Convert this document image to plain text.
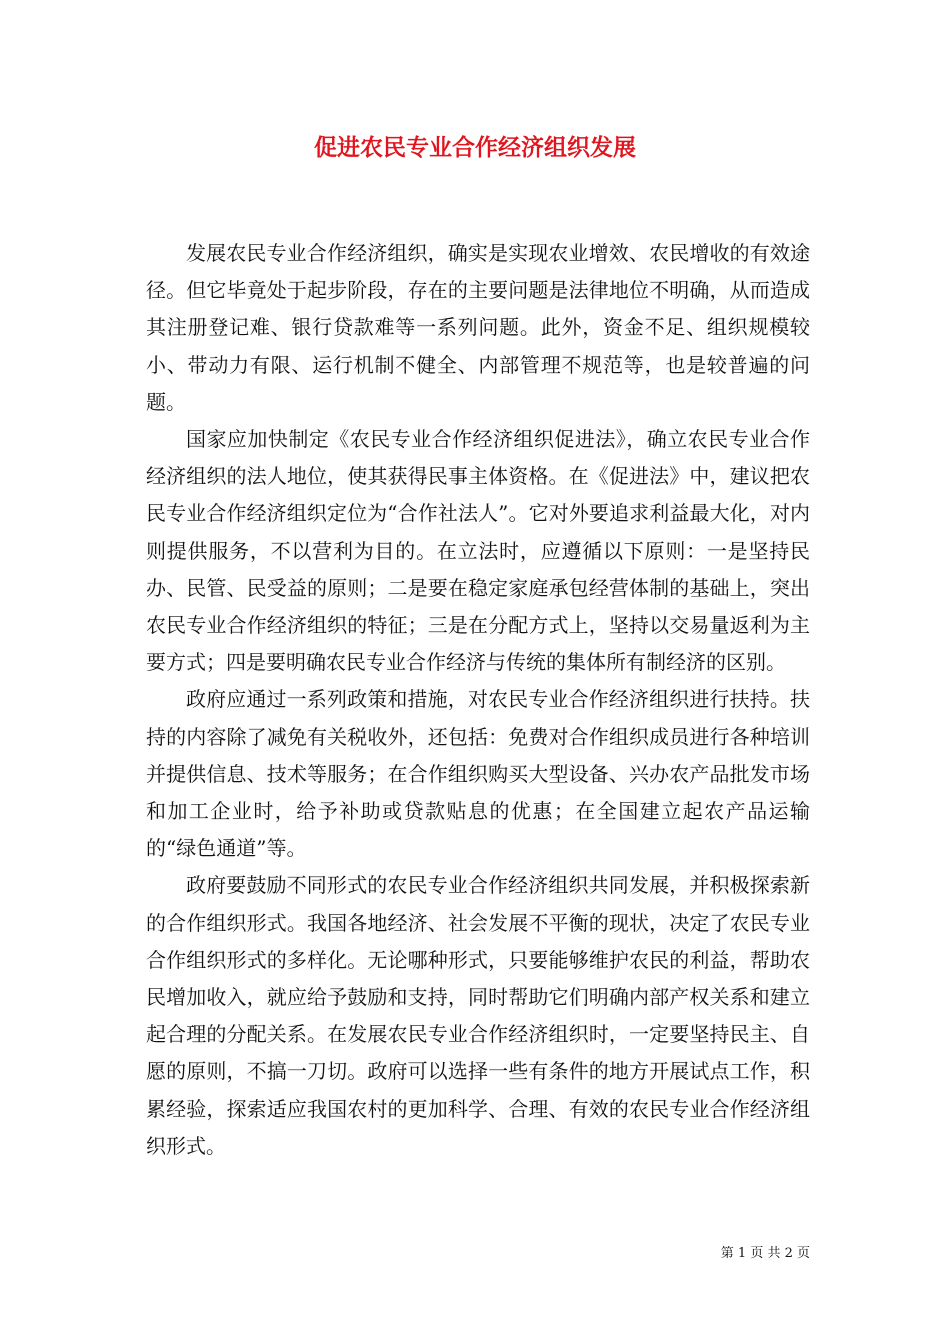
促进农民专业合作经济组织发展

发展农民专业合作经济组织，确实是实现农业增效、农民增收的有效途径。但它毕竟处于起步阶段，存在的主要问题是法律地位不明确，从而造成其注册登记难、银行贷款难等一系列问题。此外，资金不足、组织规模较小、带动力有限、运行机制不健全、内部管理不规范等，也是较普遍的问题。

国家应加快制定《农民专业合作经济组织促进法》，确立农民专业合作经济组织的法人地位，使其获得民事主体资格。在《促进法》中，建议把农民专业合作经济组织定位为“合作社法人”。它对外要追求利益最大化，对内则提供服务，不以营利为目的。在立法时，应遵循以下原则：一是坚持民办、民管、民受益的原则；二是要在稳定家庭承包经营体制的基础上，突出农民专业合作经济组织的特征；三是在分配方式上，坚持以交易量返利为主要方式；四是要明确农民专业合作经济与传统的集体所有制经济的区别。

政府应通过一系列政策和措施，对农民专业合作经济组织进行扶持。扶持的内容除了减免有关税收外，还包括：免费对合作组织成员进行各种培训并提供信息、技术等服务；在合作组织购买大型设备、兴办农产品批发市场和加工企业时，给予补助或贷款贴息的优惠；在全国建立起农产品运输的“绿色通道”等。

政府要鼓励不同形式的农民专业合作经济组织共同发展，并积极探索新的合作组织形式。我国各地经济、社会发展不平衡的现状，决定了农民专业合作组织形式的多样化。无论哪种形式，只要能够维护农民的利益，帮助农民增加收入，就应给予鼓励和支持，同时帮助它们明确内部产权关系和建立起合理的分配关系。在发展农民专业合作经济组织时，一定要坚持民主、自愿的原则，不搞一刀切。政府可以选择一些有条件的地方开展试点工作，积累经验，探索适应我国农村的更加科学、合理、有效的农民专业合作经济组织形式。

第 1 页 共 2 页
